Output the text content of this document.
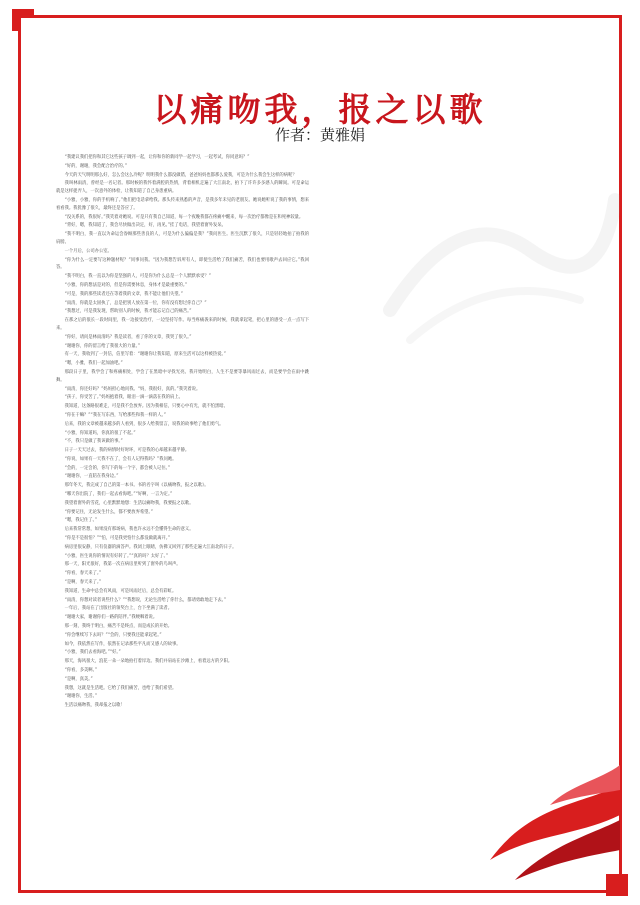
以痛吻我，报之以歌
作者：黄雅娟

“我建议我们把你和其它这些孩子调到一起，让你和你的新同学一起学习，一起考试，你同意吗？”

“好的，谢谢，我会配合治疗的。”

今天的天气明明那么好，怎么会这么冷呢？明明我什么都没做错，爸爸妈妈也都那么爱我，可是为什么我会生这样的病呢？

我叫林雨清，曾经是一名记者。那时候的我怀着满腔的热情，背着相机走遍了大江南北，拍下了许许多多感人的瞬间。可是命运就是这样捉弄人，一次意外的体检，让我知道了自己身患重病。

“小雅，小雅，你的手机响了。”他们把电话拿给我。那头传来熟悉的声音，是我多年未见的老朋友。她说她听说了我的事情，想来看看我。我犹豫了很久，最终还是答应了。

“没关系的，我很好。”我笑着对她说。可是只有我自己知道，每一个夜晚我都在疼痛中醒来，每一次治疗都像是在和死神较量。

“背好，嗯，我知道了，我会尽快做出决定，好，再见。”挂了电话，我望着窗外发呆。

“我不明白，我一直以为命运会眷顾那些善良的人，可是为什么偏偏是我？”我问医生。医生沉默了很久，只是轻轻地拍了拍我的肩膀。

一个月后，公司办公室。

“你为什么一定要写这种题材呢？”同事问我。“因为我想告诉所有人，即使生活给了我们痛苦，我们也要用歌声去回应它。”我回答。

“我不明白，我一直以为你是坚强的人，可是你为什么总是一个人默默承受？”

“小雅，你的想法是对的，但是你需要休息，身体才是最重要的。”

“可是，我的那些读者还在等着我的文章，我不能让他们失望。”

“雨清，你就是太固执了，总是把别人放在第一位，你有没有想过你自己？”

“我想过，可是我发现，帮助别人的时候，我才能忘记自己的痛苦。”

在那之后的很长一段时间里，我一边接受治疗，一边坚持写作。每当疼痛袭来的时候，我就拿起笔，把心里的感受一点一点写下来。

“你好，请问是林雨清吗？我是读者，看了你的文章，我哭了很久。”

“谢谢你，你的留言给了我很大的力量。”

有一天，我收到了一封信，信里写着：“谢谢你让我知道，原来生活可以这样被热爱。”

“嗯，小雅，我们一起加油吧。”

那段日子里，我学会了和疼痛相处，学会了在黑暗中寻找光亮。我开始明白，人生不是要等暴风雨过去，而是要学会在雨中跳舞。

“雨清，你还好吗？”妈妈担心地问我。“妈，我很好，真的。”我笑着说。

“孩子，你受苦了。”妈妈抱着我，眼泪一滴一滴落在我的肩上。

我知道，这条路很难走，可是我不会放弃。因为我相信，只要心中有光，就不怕黑暗。

“你在干嘛？”“我在写东西，写给那些和我一样的人。”

后来，我的文章被越来越多的人看到，很多人给我留言，说我的故事给了他们勇气。

“小雅，你知道吗，你真的很了不起。”

“不，我只是做了我该做的事。”

日子一天天过去，我的病情时好时坏，可是我的心却越来越平静。

“你说，如果有一天我不在了，会有人记得我吗？”我问她。

“会的，一定会的，你写下的每一个字，都会被人记住。”

“谢谢你，一直陪在我身边。”

那年冬天，我完成了自己的第一本书。书的名字叫《以痛吻我，报之以歌》。

“哪天你出院了，我们一起去看海吧。”“好啊，一言为定。”

我望着窗外的雪花，心里默默地想：生活以痛吻我，我要报之以歌。

“你要记住，无论发生什么，都不要放弃希望。”

“嗯，我记住了。”

后来我常常想，如果没有那场病，我也许永远不会懂得生命的意义。

“你是不是很怕？”“怕，可是我更怕什么都没做就离开。”

病房里很安静，只有仪器的滴答声。我闭上眼睛，仿佛又回到了那些走遍大江南北的日子。

“小雅，医生说你的情况有好转了。”“真的吗？太好了。”

那一天，阳光很好，我第一次在病房里听到了窗外的鸟叫声。

“你看，春天来了。”

“是啊，春天来了。”

我知道，生命中总会有风雨，可是风雨过后，总会有彩虹。

“雨清，你想对读者说些什么？”“我想说，无论生活给了你什么，都请勇敢地走下去。”

一年后，我站在了出版社的领奖台上，台下坐满了读者。

“谢谢大家，谢谢你们一路的陪伴。”我哽咽着说。

那一刻，我终于明白，痛苦不是终点，而是成长的开始。

“你会继续写下去吗？”“会的，只要我还能拿起笔。”

如今，我依然在写作，依然在记录那些平凡而又感人的故事。

“小雅，我们去看海吧。”“好。”

那天，海风很大，浪花一朵一朵地拍打着岸边。我们并肩站在沙滩上，看着远方的夕阳。

“你看，多美啊。”

“是啊，真美。”

我想，这就是生活吧。它给了我们痛苦，也给了我们希望。

“谢谢你，生活。”

生活以痛吻我，我却报之以歌！
